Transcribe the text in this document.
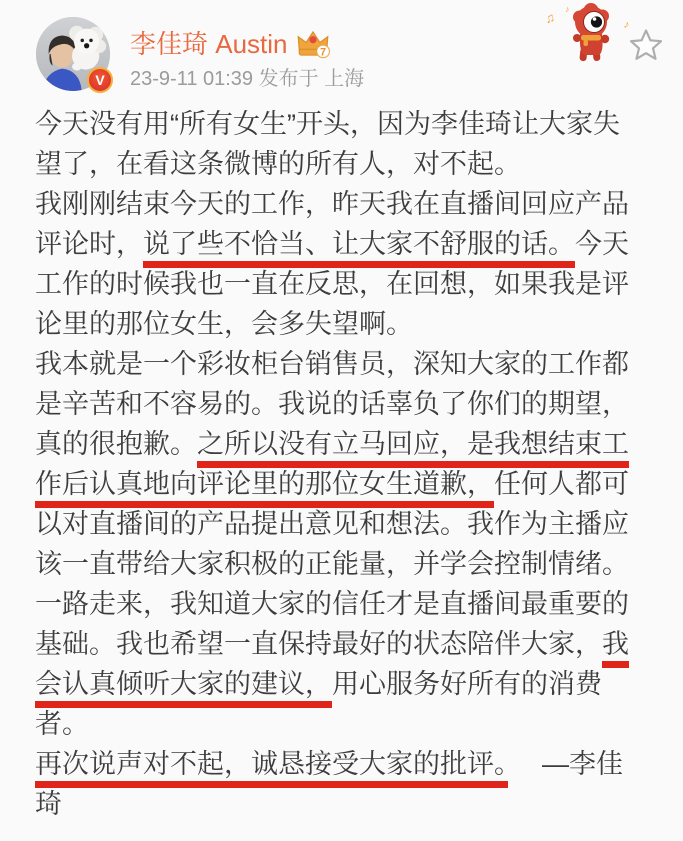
V
李佳琦 Austin	7
23-9-11 01:39 发布于 上海
♫
♪
♪
今天没有用“所有女生”开头，因为李佳琦让大家失
望了，在看这条微博的所有人，对不起。
我刚刚结束今天的工作，昨天我在直播间回应产品
评论时，说了些不恰当、让大家不舒服的话。今天
工作的时候我也一直在反思，在回想，如果我是评
论里的那位女生，会多失望啊。
我本就是一个彩妆柜台销售员，深知大家的工作都
是辛苦和不容易的。我说的话辜负了你们的期望，
真的很抱歉。之所以没有立马回应，是我想结束工
作后认真地向评论里的那位女生道歉，任何人都可
以对直播间的产品提出意见和想法。我作为主播应
该一直带给大家积极的正能量，并学会控制情绪。
一路走来，我知道大家的信任才是直播间最重要的
基础。我也希望一直保持最好的状态陪伴大家，我
会认真倾听大家的建议，用心服务好所有的消费
者。
再次说声对不起，诚恳接受大家的批评。　 —李佳
琦
